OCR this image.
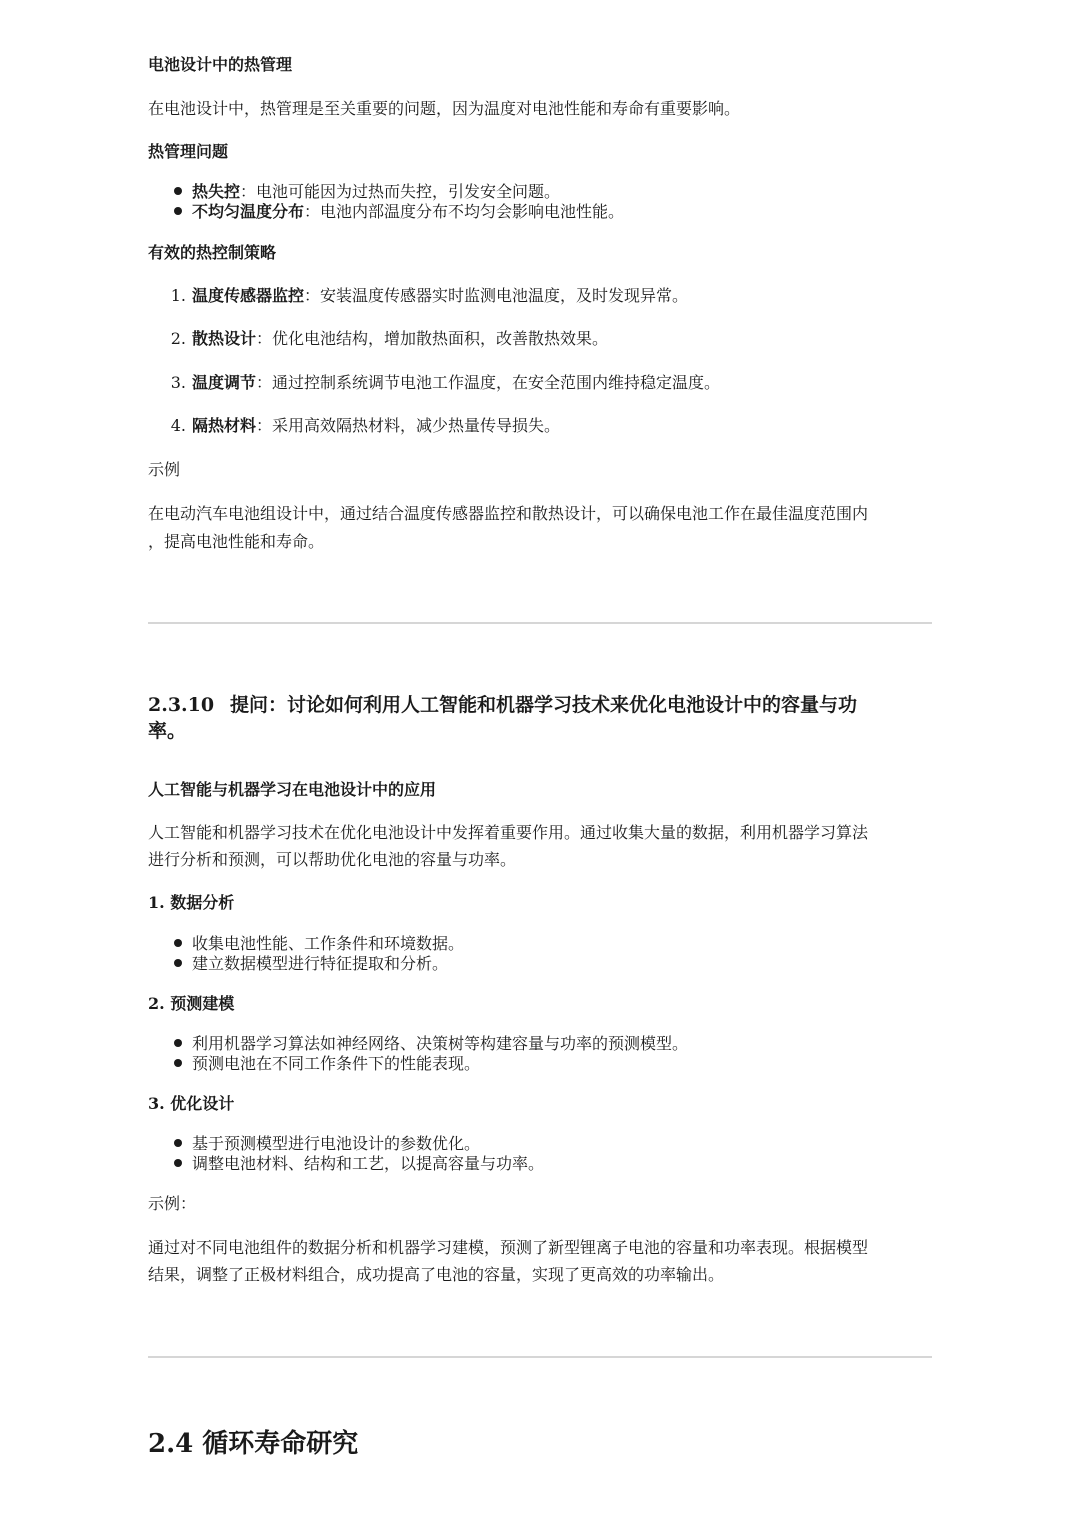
电池设计中的热管理
在电池设计中，热管理是至关重要的问题，因为温度对电池性能和寿命有重要影响。
热管理问题
热失控 ：电池可能因为过热而失控，引发安全问题。
不均匀温度分布 ：电池内部温度分布不均匀会影响电池性能。
有效的热控制策略
1. 温度传感器监控：安装温度传感器实时监测电池温度，及时发现异常。
2. 散热设计：优化电池结构，增加散热面积，改善散热效果。
3. 温度调节：通过控制系统调节电池工作温度，在安全范围内维持稳定温度。
4. 隔热材料：采用高效隔热材料，减少热量传导损失。
示例
在电动汽车电池组设计中，通过结合温度传感器监控和散热设计，可以确保电池工作在最佳温度范围内
，提高电池性能和寿命。
2.3.10 提问：讨论如何利用人工智能和机器学习技术来优化电池设计中的容量与功
率。
人工智能与机器学习在电池设计中的应用
人工智能和机器学习技术在优化电池设计中发挥着重要作用。通过收集大量的数据，利用机器学习算法
进行分析和预测，可以帮助优化电池的容量与功率。
1. 数据分析
收集电池性能、工作条件和环境数据。
建立数据模型进行特征提取和分析。
2. 预测建模
利用机器学习算法如神经网络、决策树等构建容量与功率的预测模型。
预测电池在不同工作条件下的性能表现。
3. 优化设计
基于预测模型进行电池设计的参数优化。
调整电池材料、结构和工艺，以提高容量与功率。
示例：
通过对不同电池组件的数据分析和机器学习建模，预测了新型锂离子电池的容量和功率表现。根据模型
结果，调整了正极材料组合，成功提高了电池的容量，实现了更高效的功率输出。
2.4 循环寿命研究
